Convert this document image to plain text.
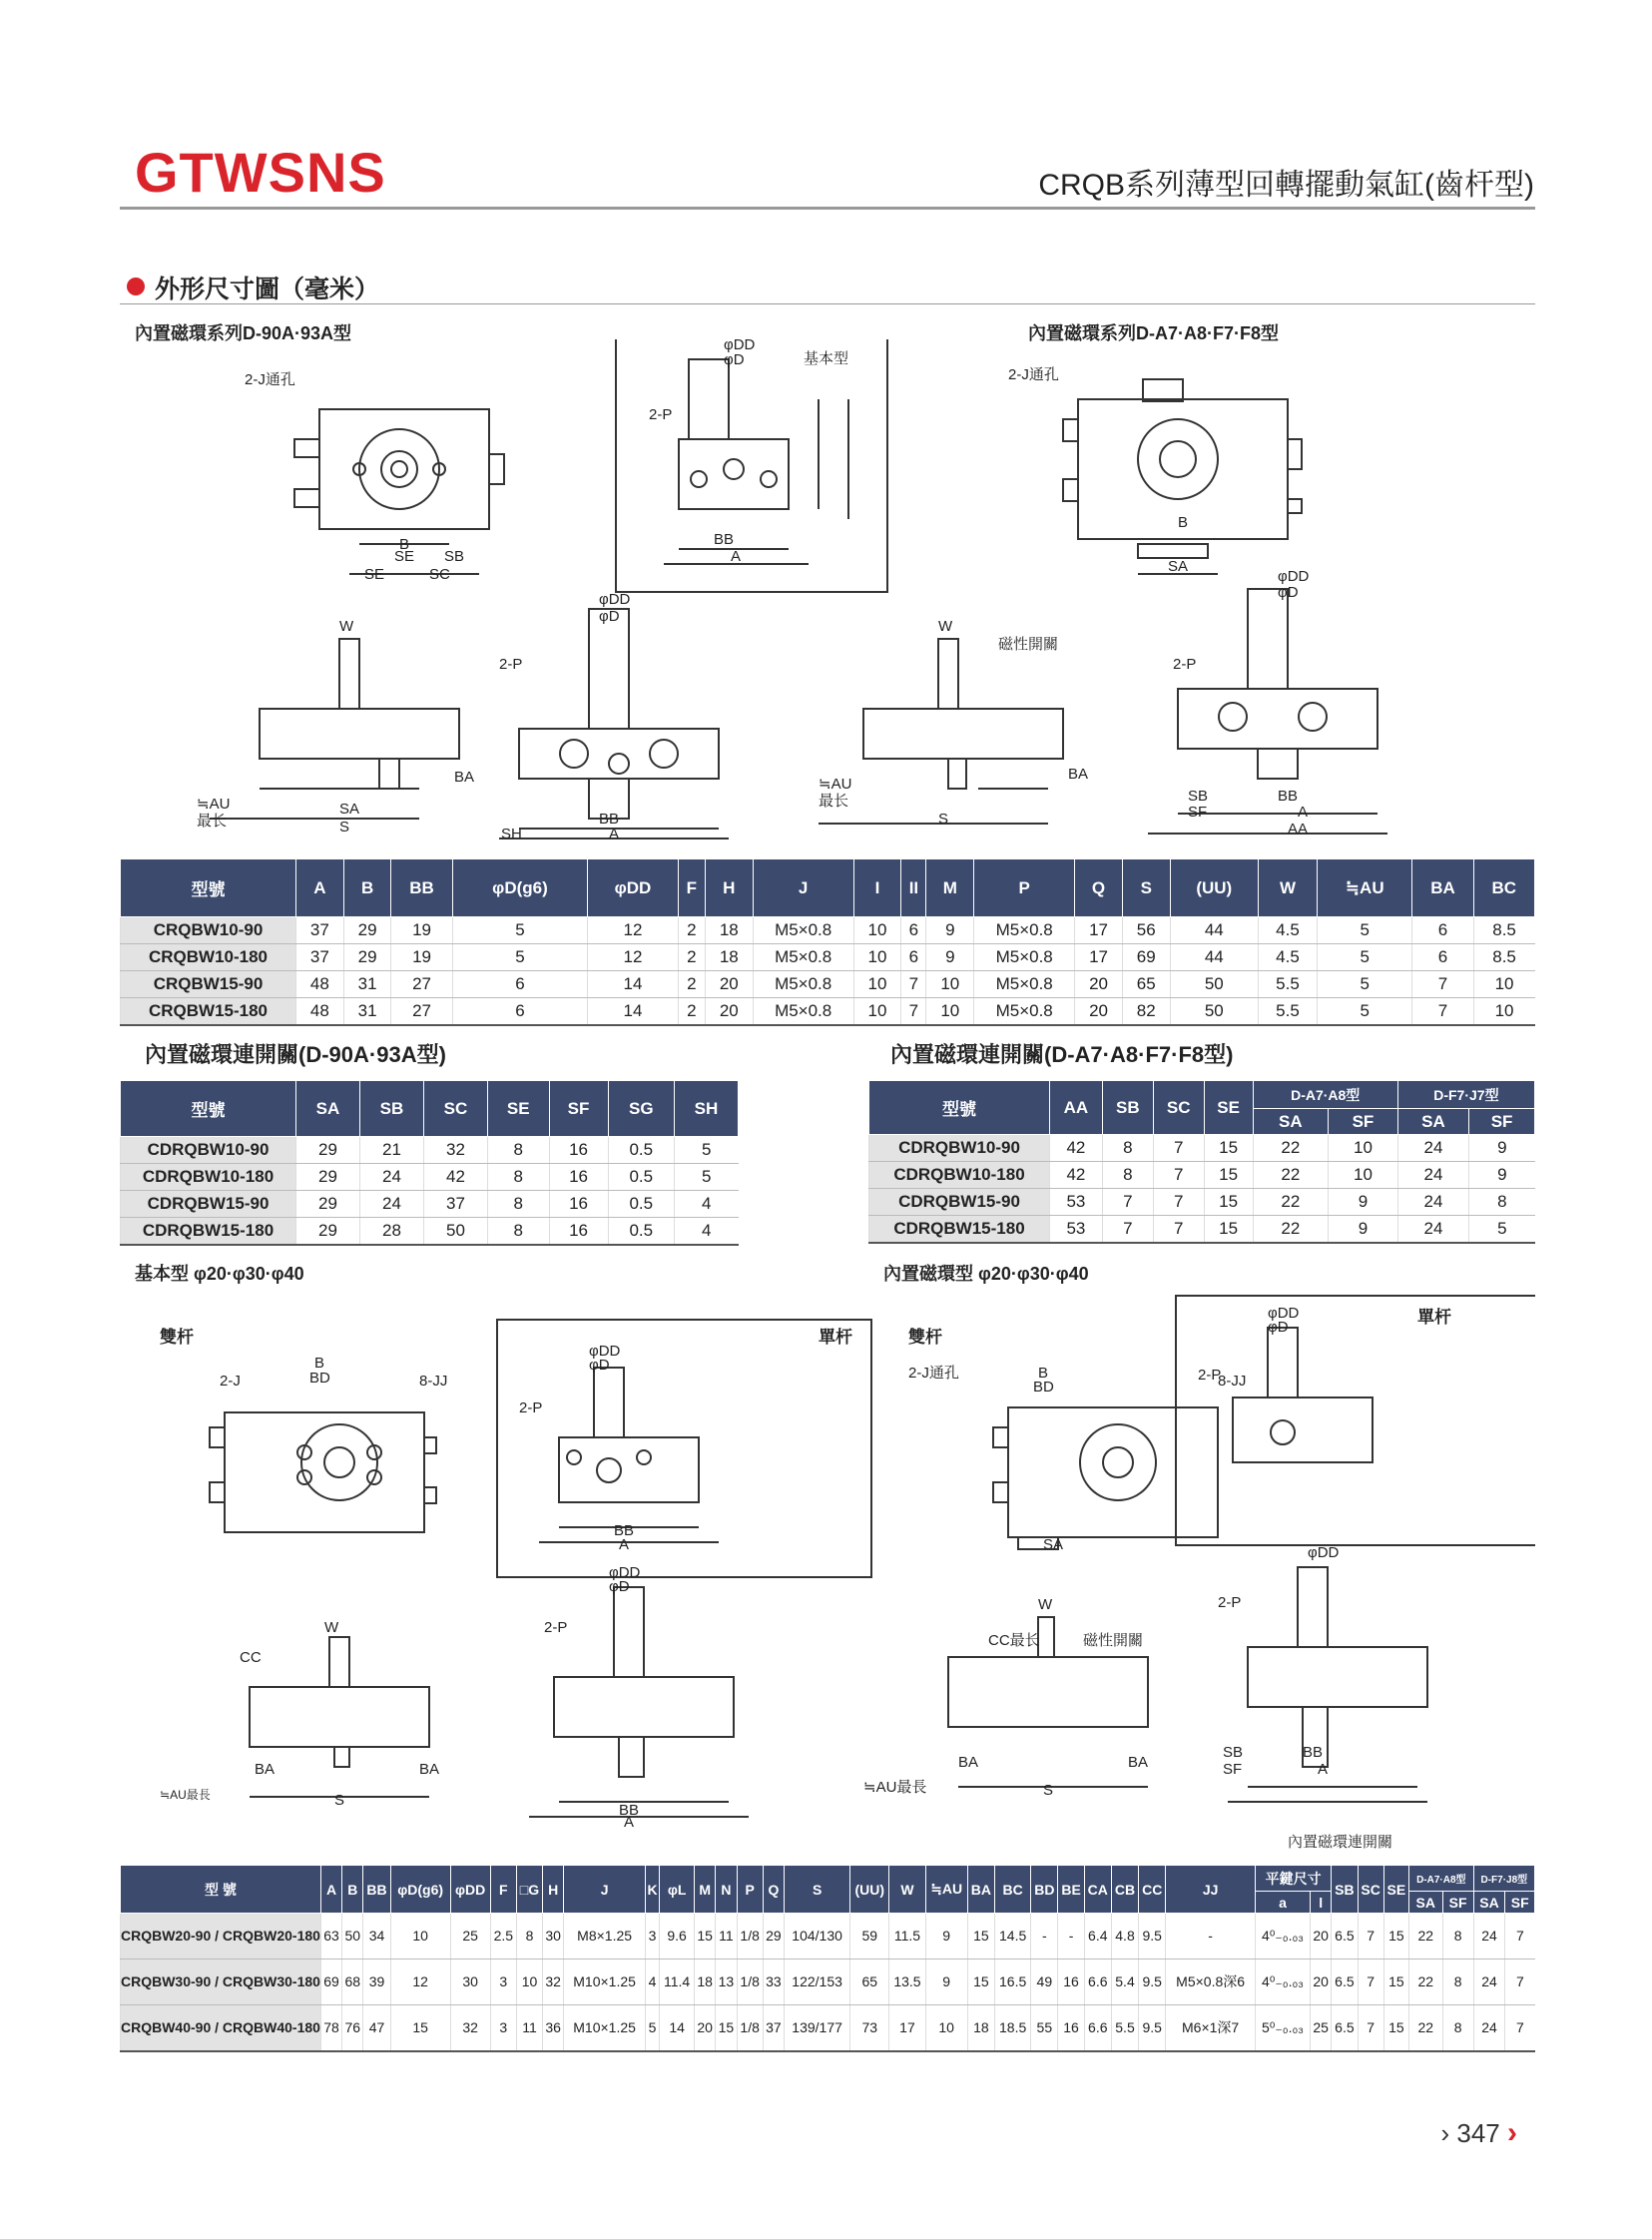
GTWSNS	CRQB系列薄型回轉擺動氣缸(齒杆型)
外形尺寸圖（毫米）
內置磁環系列D-90A·93A型	內置磁環系列D-A7·A8·F7·F8型
2-J通孔
B
SE SB
SE	SC
φDD
φD	基本型
2-P
BB
A
2-J通孔
B
SA
W
≒AU
最长
SA
S
BA
φDD
φD
2-P
BB
A
SH
W
磁性開關
≒AU
最长
S
BA
φDD
φD
2-P
SB	BB
SF	A
AA
型號	A	B	BB	φD(g6)	φDD	F	H	J	I	II	M	P	Q	S	(UU)	W	≒AU	BA	BC
CRQBW10-90	37	29	19	5	12	2	18	M5×0.8	10	6	9	M5×0.8	17	56	44	4.5	5	6	8.5
CRQBW10-180	37	29	19	5	12	2	18	M5×0.8	10	6	9	M5×0.8	17	69	44	4.5	5	6	8.5
CRQBW15-90	48	31	27	6	14	2	20	M5×0.8	10	7	10	M5×0.8	20	65	50	5.5	5	7	10
CRQBW15-180	48	31	27	6	14	2	20	M5×0.8	10	7	10	M5×0.8	20	82	50	5.5	5	7	10
內置磁環連開關(D-90A·93A型)
型號	SA	SB	SC	SE	SF	SG	SH
CDRQBW10-90	29	21	32	8	16	0.5	5
CDRQBW10-180	29	24	42	8	16	0.5	5
CDRQBW15-90	29	24	37	8	16	0.5	4
CDRQBW15-180	29	28	50	8	16	0.5	4
內置磁環連開關(D-A7·A8·F7·F8型)
型號	AA	SB	SC	SE	D-A7·A8型		D-F7·J7型	
					SA	SF	SA	SF
CDRQBW10-90	42	8	7	15	22	10	24	9
CDRQBW10-180	42	8	7	15	22	10	24	9
CDRQBW15-90	53	7	7	15	22	9	24	8
CDRQBW15-180	53	7	7	15	22	9	24	5
基本型 φ20·φ30·φ40	內置磁環型 φ20·φ30·φ40
雙杆
2-J
B
BD	8-JJ
單杆
φDD
φD
2-P
BB
A
雙杆
2-J通孔	B
BD	8-JJ
SA
單杆
φDD
φD
2-P
W
CC
≒AU最長
BA
S
BA
φDD
φD
2-P
BB
A
CC最长
W
磁性開關
≒AU最長
BA
S
BA
φDD
2-P
SB
SF
BB
A
內置磁環連開關
型 號	A	B	BB	φD(g6)	φDD	F	□G	H	J	K	φL	M	N	P	Q	S	(UU)	W	≒AU	BA	BC	BD	BE	CA	CB	CC	JJ	平鍵尺寸		SB	SC	SE	D-A7·A8型		D-F7·J8型	
																												a	l				SA	SF	SA	SF
CRQBW20-90 / CRQBW20-180	63	50	34	10	25	2.5	8	30	M8×1.25	3	9.6	15	11	1/8	29	104/130	59	11.5	9	15	14.5	-	-	6.4	4.8	9.5	-	4⁰₋₀.₀₃	20	6.5	7	15	22	8	24	7
CRQBW30-90 / CRQBW30-180	69	68	39	12	30	3	10	32	M10×1.25	4	11.4	18	13	1/8	33	122/153	65	13.5	9	15	16.5	49	16	6.6	5.4	9.5	M5×0.8深6	4⁰₋₀.₀₃	20	6.5	7	15	22	8	24	7
CRQBW40-90 / CRQBW40-180	78	76	47	15	32	3	11	36	M10×1.25	5	14	20	15	1/8	37	139/177	73	17	10	18	18.5	55	16	6.6	5.5	9.5	M6×1深7	5⁰₋₀.₀₃	25	6.5	7	15	22	8	24	7
› 347 ›
